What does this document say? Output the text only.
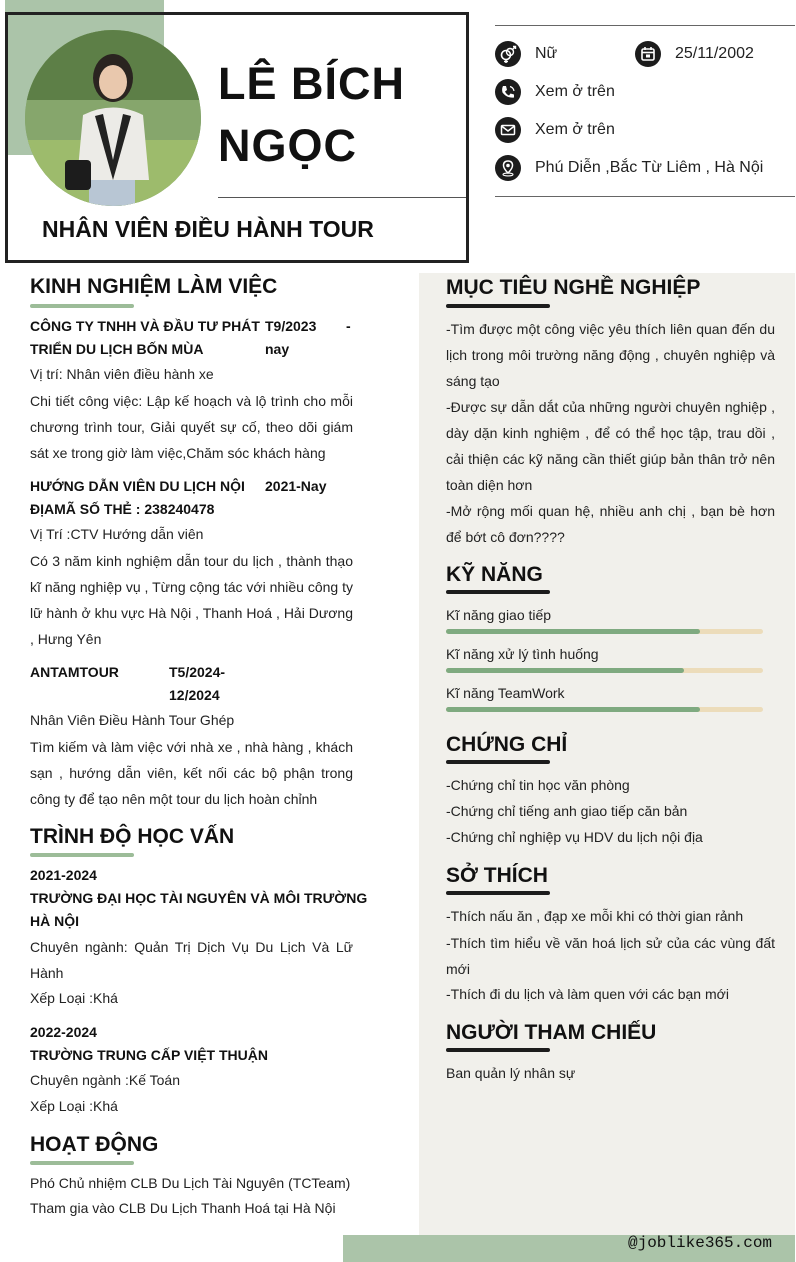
LÊ BÍCH
NGỌC
NHÂN VIÊN ĐIỀU HÀNH TOUR
Nữ	25/11/2002
Xem ở trên
Xem ở trên
Phú Diễn ,Bắc Từ Liêm , Hà Nội
@joblike365.com
KINH NGHIỆM LÀM VIỆC
CÔNG TY TNHH VÀ ĐẦU TƯ PHÁT
TRIỂN DU LỊCH BỐN MÙA
T9/2023 -
nay
Vị trí: Nhân viên điều hành xe
Chi tiết công việc: Lập kế hoạch và lộ trình cho mỗi chương trình tour, Giải quyết sự cố, theo dõi giám sát xe trong giờ làm việc,Chăm sóc khách hàng
HƯỚNG DẪN VIÊN DU LỊCH NỘI
ĐỊAMÃ SỐ THẺ : 238240478
2021-Nay
Vị Trí :CTV Hướng dẫn viên
Có 3 năm kinh nghiệm dẫn tour du lịch , thành thạo kĩ năng nghiệp vụ , Từng cộng tác với nhiều công ty lữ hành ở khu vực Hà Nội , Thanh Hoá , Hải Dương , Hưng Yên
ANTAMTOUR	T5/2024-
12/2024
Nhân Viên Điều Hành Tour Ghép
Tìm kiếm và làm việc với nhà xe , nhà hàng , khách sạn , hướng dẫn viên, kết nối các bộ phận trong công ty để tạo nên một tour du lịch hoàn chỉnh
TRÌNH ĐỘ HỌC VẤN
2021-2024
TRƯỜNG ĐẠI HỌC TÀI NGUYÊN VÀ MÔI TRƯỜNG
HÀ NỘI
Chuyên ngành: Quản Trị Dịch Vụ Du Lịch Và Lữ Hành
Xếp Loại :Khá
2022-2024
TRƯỜNG TRUNG CẤP VIỆT THUẬN
Chuyên ngành :Kế Toán
Xếp Loại :Khá
HOẠT ĐỘNG
Phó Chủ nhiệm CLB Du Lịch Tài Nguyên (TCTeam)
Tham gia vào CLB Du Lịch Thanh Hoá tại Hà Nội
MỤC TIÊU NGHỀ NGHIỆP
-Tìm được một công việc yêu thích liên quan đến du lịch trong môi trường năng động , chuyên nghiệp và sáng tạo
-Được sự dẫn dắt của những người chuyên nghiệp , dày dặn kinh nghiệm , để có thể học tập, trau dồi , cải thiện các kỹ năng cần thiết giúp bản thân trở nên toàn diện hơn
-Mở rộng mối quan hệ, nhiều anh chị , bạn bè hơn để bớt cô đơn????
KỸ NĂNG
Kĩ năng giao tiếp
Kĩ năng xử lý tình huống
Kĩ năng TeamWork
CHỨNG CHỈ
-Chứng chỉ tin học văn phòng
-Chứng chỉ tiếng anh giao tiếp căn bản
-Chứng chỉ nghiệp vụ HDV du lịch nội địa
SỞ THÍCH
-Thích nấu ăn , đạp xe mỗi khi có thời gian rảnh
-Thích tìm hiểu về văn hoá lịch sử của các vùng đất mới
-Thích đi du lịch và làm quen với các bạn mới
NGƯỜI THAM CHIẾU
Ban quản lý nhân sự
